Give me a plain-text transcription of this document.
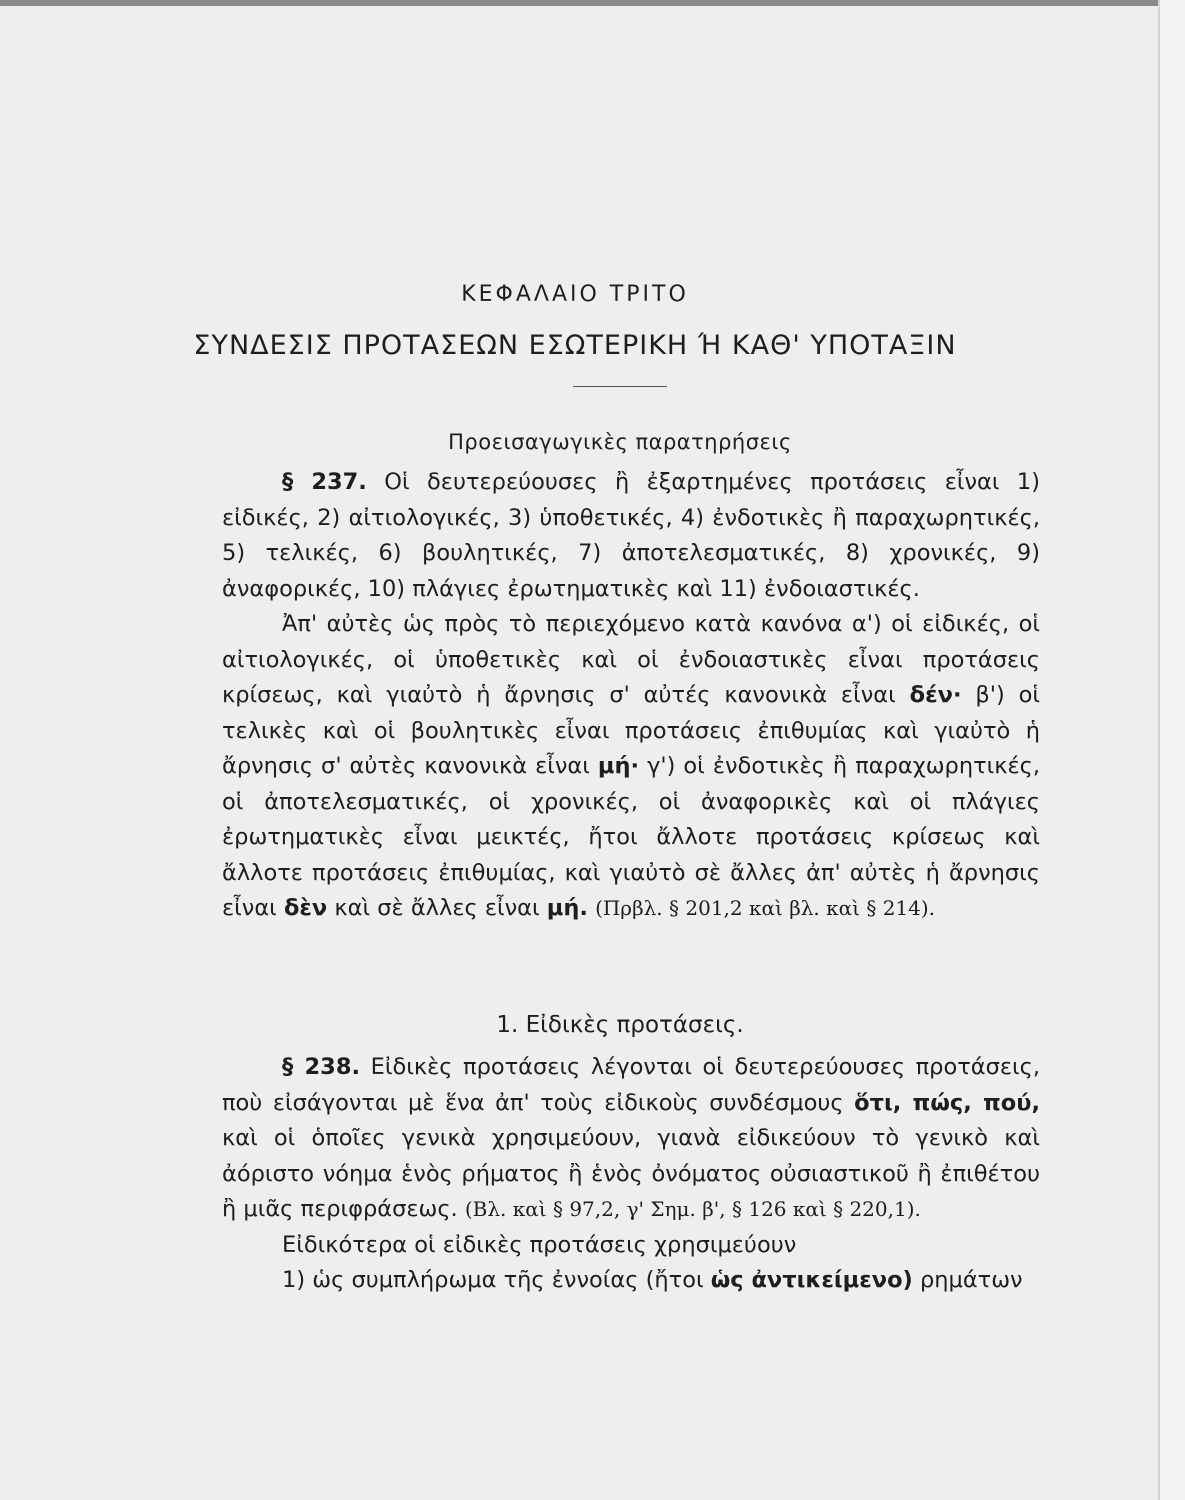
ΚΕΦΑΛΑΙΟ ΤΡΙΤΟ
ΣΥΝΔΕΣΙΣ ΠΡΟΤΑΣΕΩΝ ΕΣΩΤΕΡΙΚΗ Ή ΚΑΘ' ΥΠΟΤΑΞΙΝ
Προεισαγωγικὲς παρατηρήσεις

§ 237. Οἱ δευτερεύουσες ἢ ἐξαρτημένες προτάσεις εἶναι 1) εἰδικές, 2) αἰτιολογικές, 3) ὑποθετικές, 4) ἐνδοτικὲς ἢ παραχωρητικές, 5) τελικές, 6) βουλητικές, 7) ἀποτελεσματικές, 8) χρονικές, 9) ἀναφορικές, 10) πλάγιες ἐρωτηματικὲς καὶ 11) ἐνδοιαστικές.

Ἀπ' αὐτὲς ὡς πρὸς τὸ περιεχόμενο κατὰ κανόνα α') οἱ εἰδικές, οἱ αἰτιολογικές, οἱ ὑποθετικὲς καὶ οἱ ἐνδοιαστικὲς εἶναι προτάσεις κρίσεως, καὶ γιαὐτὸ ἡ ἄρνησις σ' αὐτές κανονικὰ εἶναι δέν· β') οἱ τελικὲς καὶ οἱ βουλητικὲς εἶναι προτάσεις ἐπιθυμίας καὶ γιαὐτὸ ἡ ἄρνησις σ' αὐτὲς κανονικὰ εἶναι μή· γ') οἱ ἐνδοτικὲς ἢ παραχωρητικές, οἱ ἀποτελεσματικές, οἱ χρονικές, οἱ ἀναφορικὲς καὶ οἱ πλάγιες ἐρωτηματικὲς εἶναι μεικτές, ἤτοι ἄλλοτε προτάσεις κρίσεως καὶ ἄλλοτε προτάσεις ἐπιθυμίας, καὶ γιαὐτὸ σὲ ἄλλες ἀπ' αὐτὲς ἡ ἄρνησις εἶναι δὲν καὶ σὲ ἄλλες εἶναι μή. (Πρβλ. § 201,2 καὶ βλ. καὶ § 214).

1. Εἰδικὲς προτάσεις.

§ 238. Εἰδικὲς προτάσεις λέγονται οἱ δευτερεύουσες προτάσεις, ποὺ εἰσάγονται μὲ ἕνα ἀπ' τοὺς εἰδικοὺς συνδέσμους ὅτι, πώς, πού, καὶ οἱ ὁποῖες γενικὰ χρησιμεύουν, γιανὰ εἰδικεύουν τὸ γενικὸ καὶ ἀόριστο νόημα ἑνὸς ρήματος ἢ ἑνὸς ὀνόματος οὐσιαστικοῦ ἢ ἐπιθέτου ἢ μιᾶς περιφράσεως. (Βλ. καὶ § 97,2, γ' Σημ. β', § 126 καὶ § 220,1).

Εἰδικότερα οἱ εἰδικὲς προτάσεις χρησιμεύουν

1) ὡς συμπλήρωμα τῆς ἐννοίας (ἤτοι ὡς ἀντικείμενο) ρημάτων
